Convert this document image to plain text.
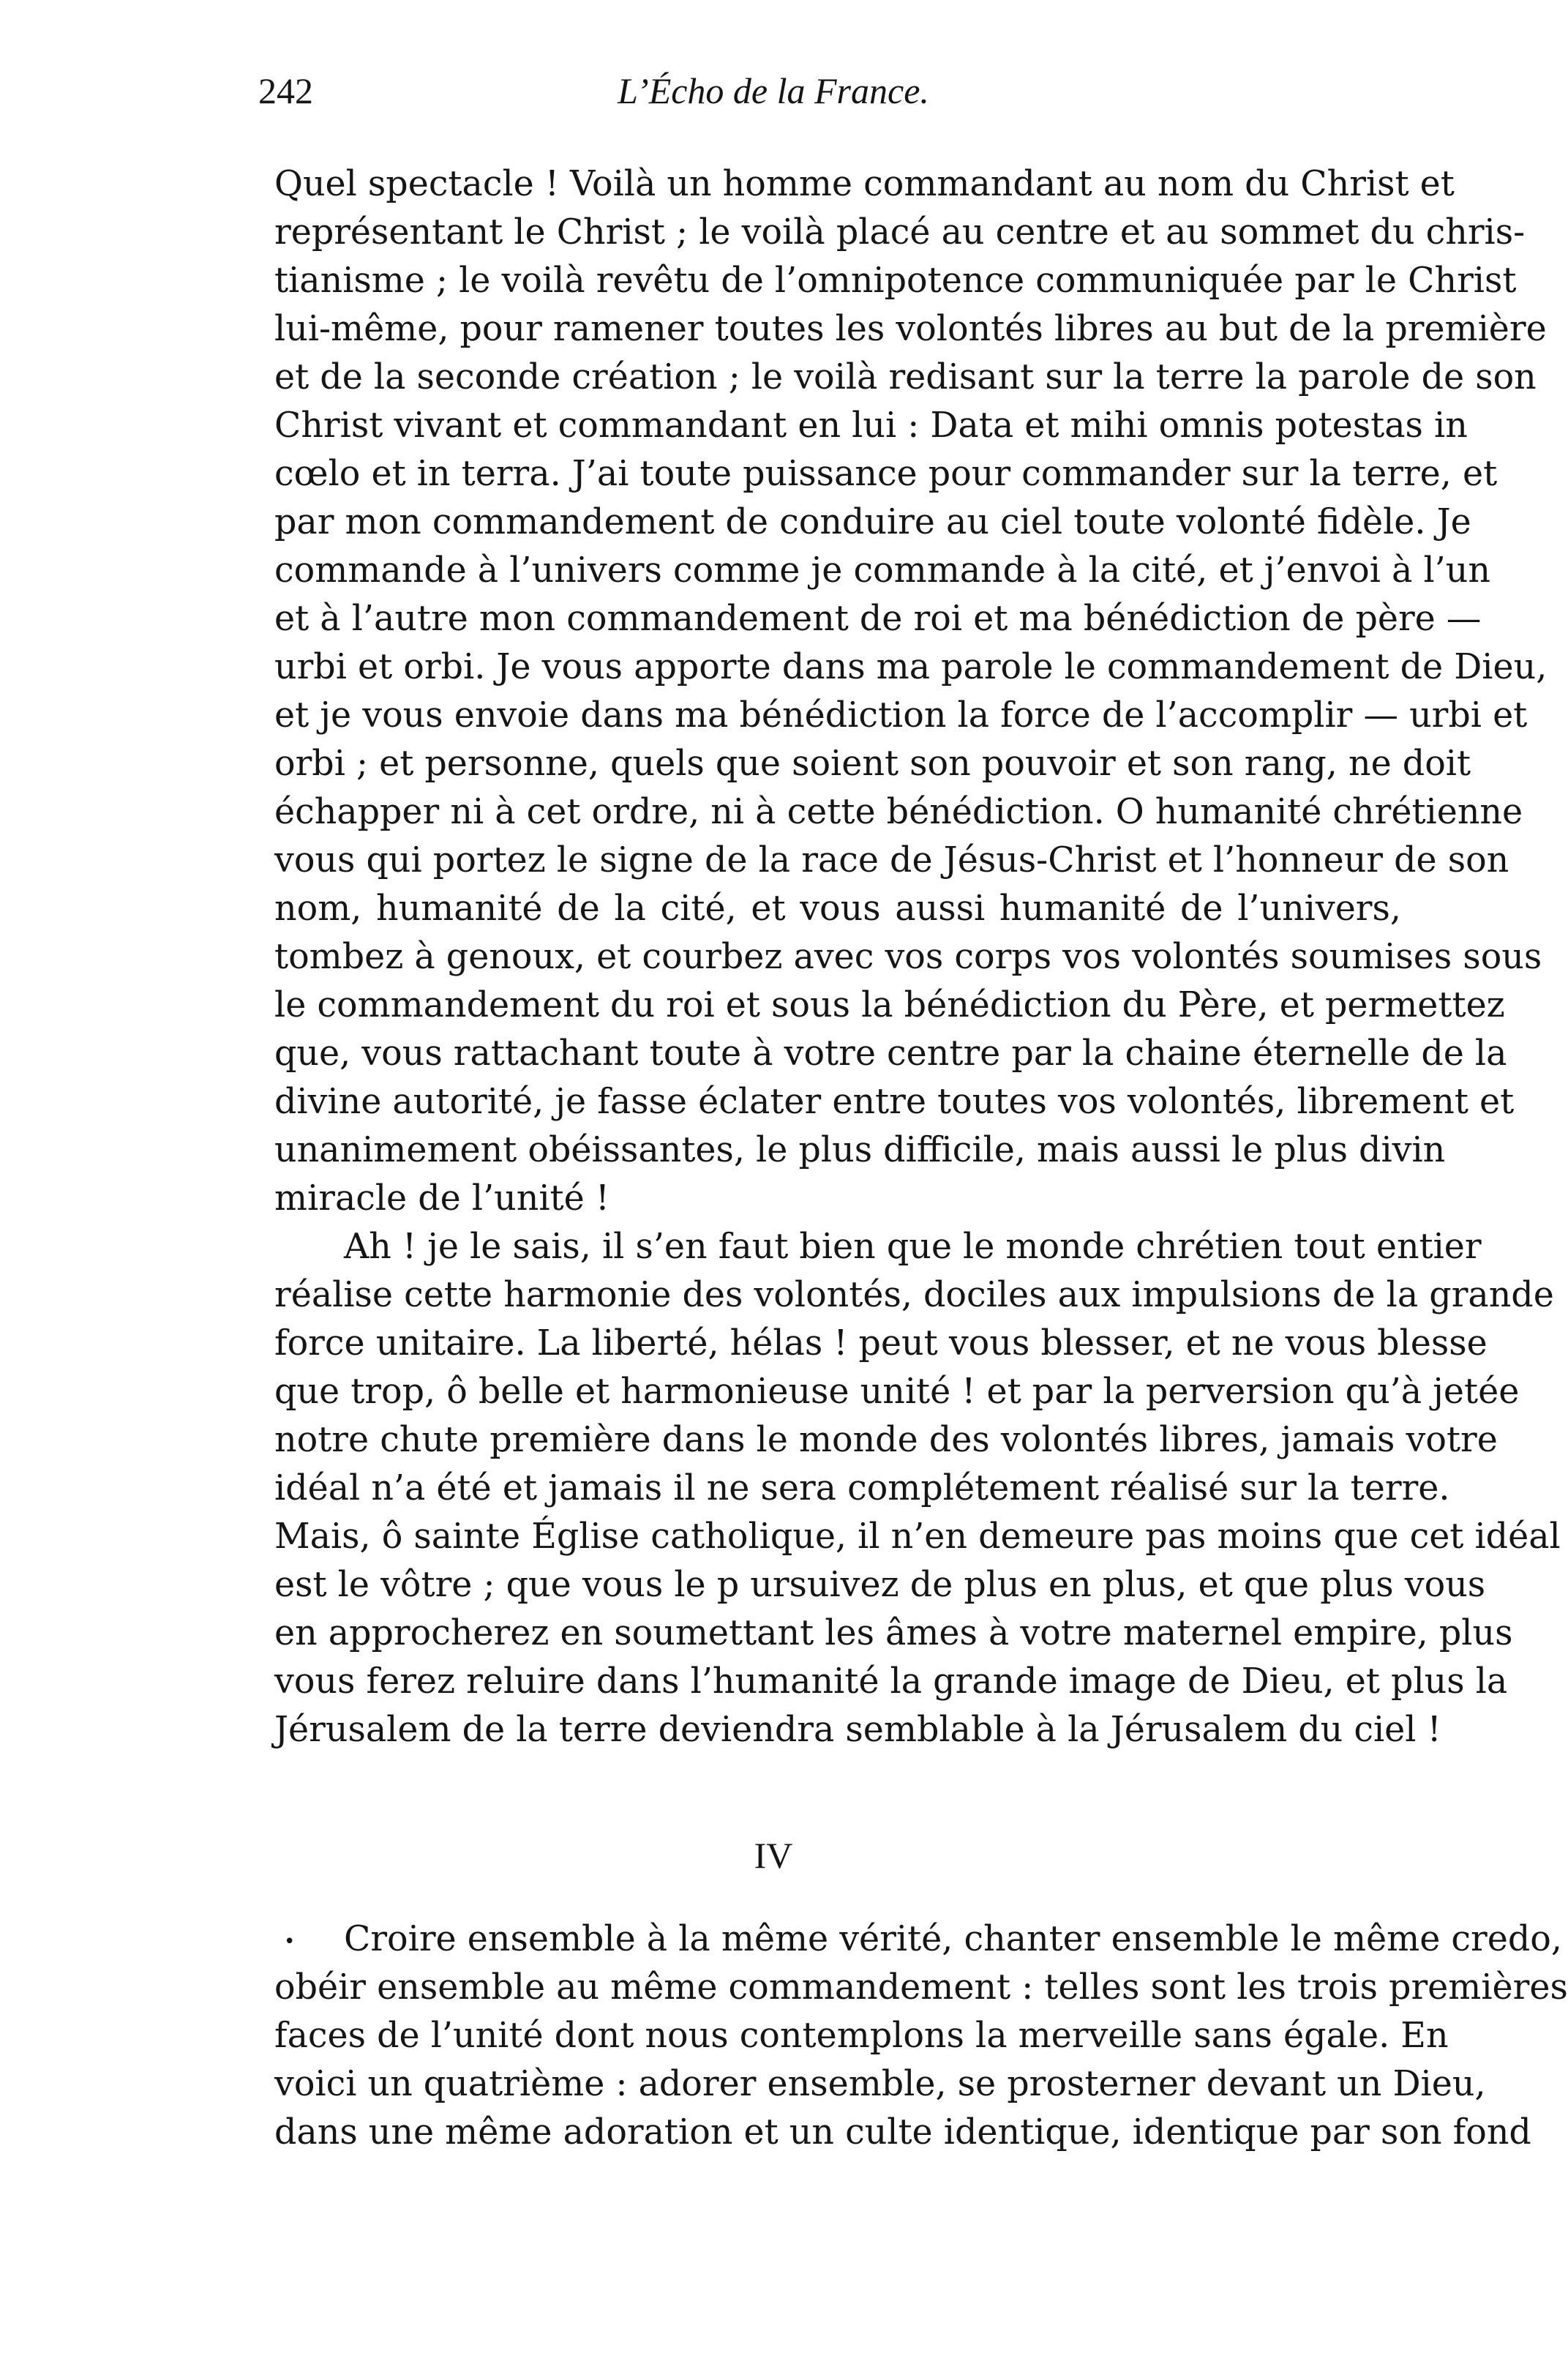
242	L’Écho de la France.
Quel spectacle ! Voilà un homme commandant au nom du Christ et
représentant le Christ ; le voilà placé au centre et au sommet du chris-
tianisme ; le voilà revêtu de l’omnipotence communiquée par le Christ
lui-même, pour ramener toutes les volontés libres au but de la première
et de la seconde création ; le voilà redisant sur la terre la parole de son
Christ vivant et commandant en lui : Data et mihi omnis potestas in
cœlo et in terra. J’ai toute puissance pour commander sur la terre, et
par mon commandement de conduire au ciel toute volonté fidèle. Je
commande à l’univers comme je commande à la cité, et j’envoi à l’un
et à l’autre mon commandement de roi et ma bénédiction de père —
urbi et orbi. Je vous apporte dans ma parole le commandement de Dieu,
et je vous envoie dans ma bénédiction la force de l’accomplir — urbi et
orbi ; et personne, quels que soient son pouvoir et son rang, ne doit
échapper ni à cet ordre, ni à cette bénédiction. O humanité chrétienne
vous qui portez le signe de la race de Jésus-Christ et l’honneur de son
nom, humanité de la cité, et vous aussi humanité de l’univers,
tombez à genoux, et courbez avec vos corps vos volontés soumises sous
le commandement du roi et sous la bénédiction du Père, et permettez
que, vous rattachant toute à votre centre par la chaine éternelle de la
divine autorité, je fasse éclater entre toutes vos volontés, librement et
unanimement obéissantes, le plus difficile, mais aussi le plus divin
miracle de l’unité !
Ah ! je le sais, il s’en faut bien que le monde chrétien tout entier
réalise cette harmonie des volontés, dociles aux impulsions de la grande
force unitaire. La liberté, hélas ! peut vous blesser, et ne vous blesse
que trop, ô belle et harmonieuse unité ! et par la perversion qu’à jetée
notre chute première dans le monde des volontés libres, jamais votre
idéal n’a été et jamais il ne sera complétement réalisé sur la terre.
Mais, ô sainte Église catholique, il n’en demeure pas moins que cet idéal
est le vôtre ; que vous le p ursuivez de plus en plus, et que plus vous
en approcherez en soumettant les âmes à votre maternel empire, plus
vous ferez reluire dans l’humanité la grande image de Dieu, et plus la
Jérusalem de la terre deviendra semblable à la Jérusalem du ciel !
IV
• Croire ensemble à la même vérité, chanter ensemble le même credo,
obéir ensemble au même commandement : telles sont les trois premières
faces de l’unité dont nous contemplons la merveille sans égale. En
voici un quatrième : adorer ensemble, se prosterner devant un Dieu,
dans une même adoration et un culte identique, identique par son fond
